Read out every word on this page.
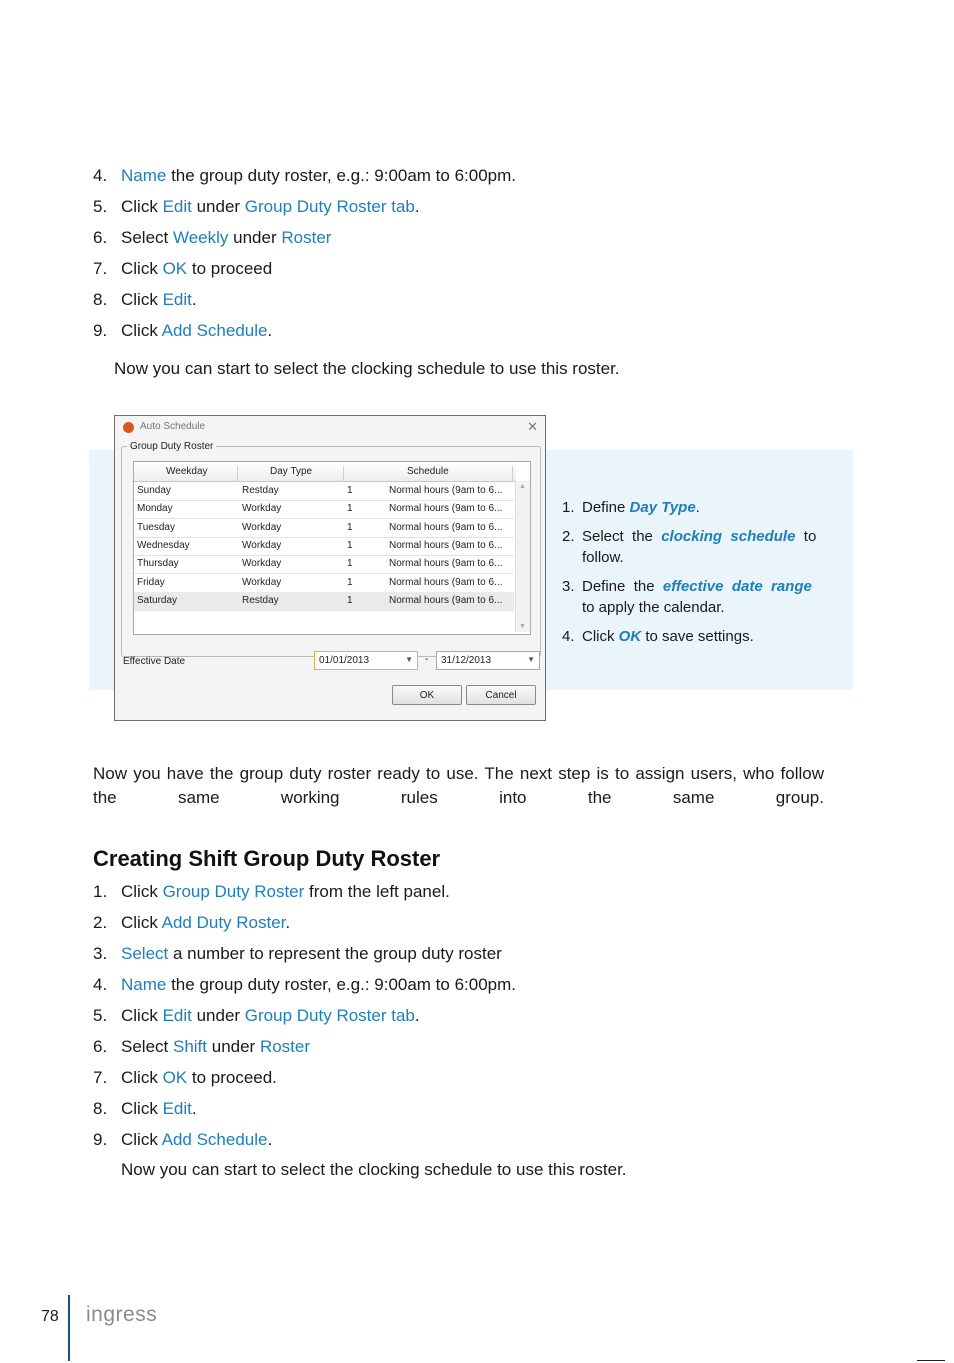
4. Name the group duty roster, e.g.: 9:00am to 6:00pm.
5. Click Edit under Group Duty Roster tab.
6. Select Weekly under Roster
7. Click OK to proceed
8. Click Edit.
9. Click Add Schedule.
Now you can start to select the clocking schedule to use this roster.
Auto Schedule	✕
Group Duty Roster
Weekday	Day Type	Schedule
Sunday	Restday	1	Normal hours (9am to 6...
Monday	Workday	1	Normal hours (9am to 6...
Tuesday	Workday	1	Normal hours (9am to 6...
Wednesday	Workday	1	Normal hours (9am to 6...
Thursday	Workday	1	Normal hours (9am to 6...
Friday	Workday	1	Normal hours (9am to 6...
Saturday	Restday	1	Normal hours (9am to 6...
▲
▼
Effective Date	01/01/2013	▼ - 31/12/2013	▼
OK	Cancel
1. Define Day Type.
2. Select  the  clocking  schedule  to follow.
3. Define  the  effective  date  range to apply the calendar.
4. Click OK to save settings.
Now you have the group duty roster ready to use. The next step is to assign users, who follow the same working rules into the same group.
Creating Shift Group Duty Roster
1. Click Group Duty Roster from the left panel.
2. Click Add Duty Roster.
3. Select a number to represent the group duty roster
4. Name the group duty roster, e.g.: 9:00am to 6:00pm.
5. Click Edit under Group Duty Roster tab.
6. Select Shift under Roster
7. Click OK to proceed.
8. Click Edit.
9. Click Add Schedule.
Now you can start to select the clocking schedule to use this roster.
78 ingress
